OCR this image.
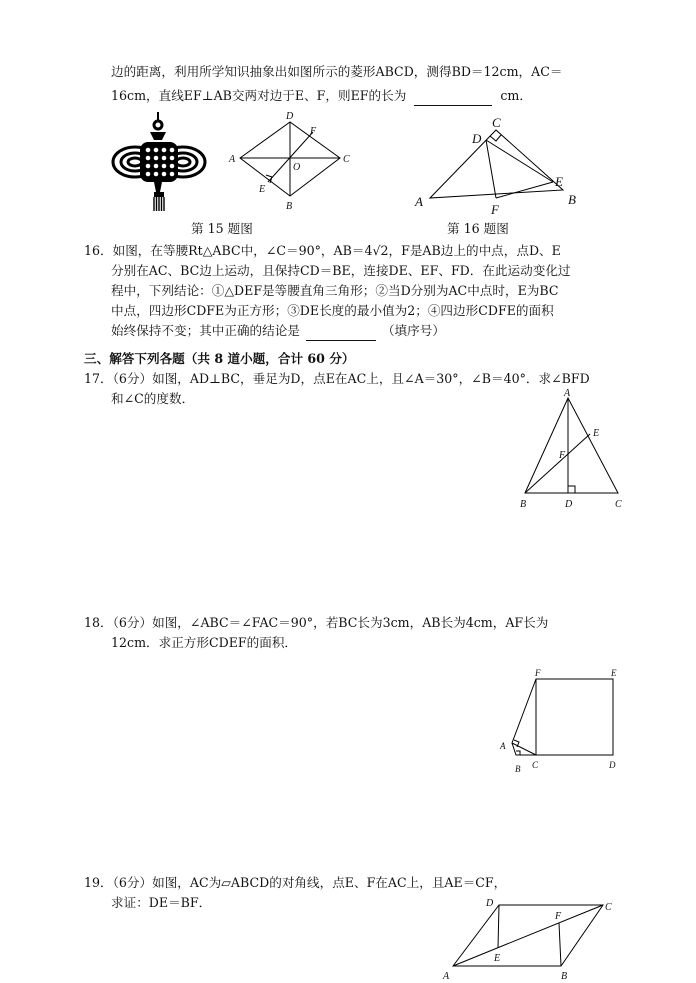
边的距离，利用所学知识抽象出如图所示的菱形ABCD，测得BD＝12cm，AC＝
16cm，直线EF⊥AB交两对边于E、F，则EF的长为	cm．
A
D
C
B
F
E
O
第 15 题图
A
C
B
D
E
F
第 16 题图
16．如图，在等腰Rt△ABC中，∠C＝90°，AB＝4√2，F是AB边上的中点，点D、E
分别在AC、BC边上运动，且保持CD＝BE，连接DE、EF、FD．在此运动变化过
程中，下列结论：①△DEF是等腰直角三角形；②当D分别为AC中点时，E为BC
中点，四边形CDFE为正方形；③DE长度的最小值为2；④四边形CDFE的面积
始终保持不变；其中正确的结论是	（填序号）
三、解答下列各题（共 8 道小题，合计 60 分）
17．（6分）如图，AD⊥BC，垂足为D，点E在AC上，且∠A＝30°，∠B＝40°．求∠BFD
和∠C的度数．	A
E
F
B	D	C
18．（6分）如图，∠ABC＝∠FAC＝90°，若BC长为3cm，AB长为4cm，AF长为
12cm．求正方形CDEF的面积．
F	E
A
B C	D
19．（6分）如图，AC为▱ABCD的对角线，点E、F在AC上，且AE＝CF，
求证：DE＝BF．
A
D	C
B
E
F
